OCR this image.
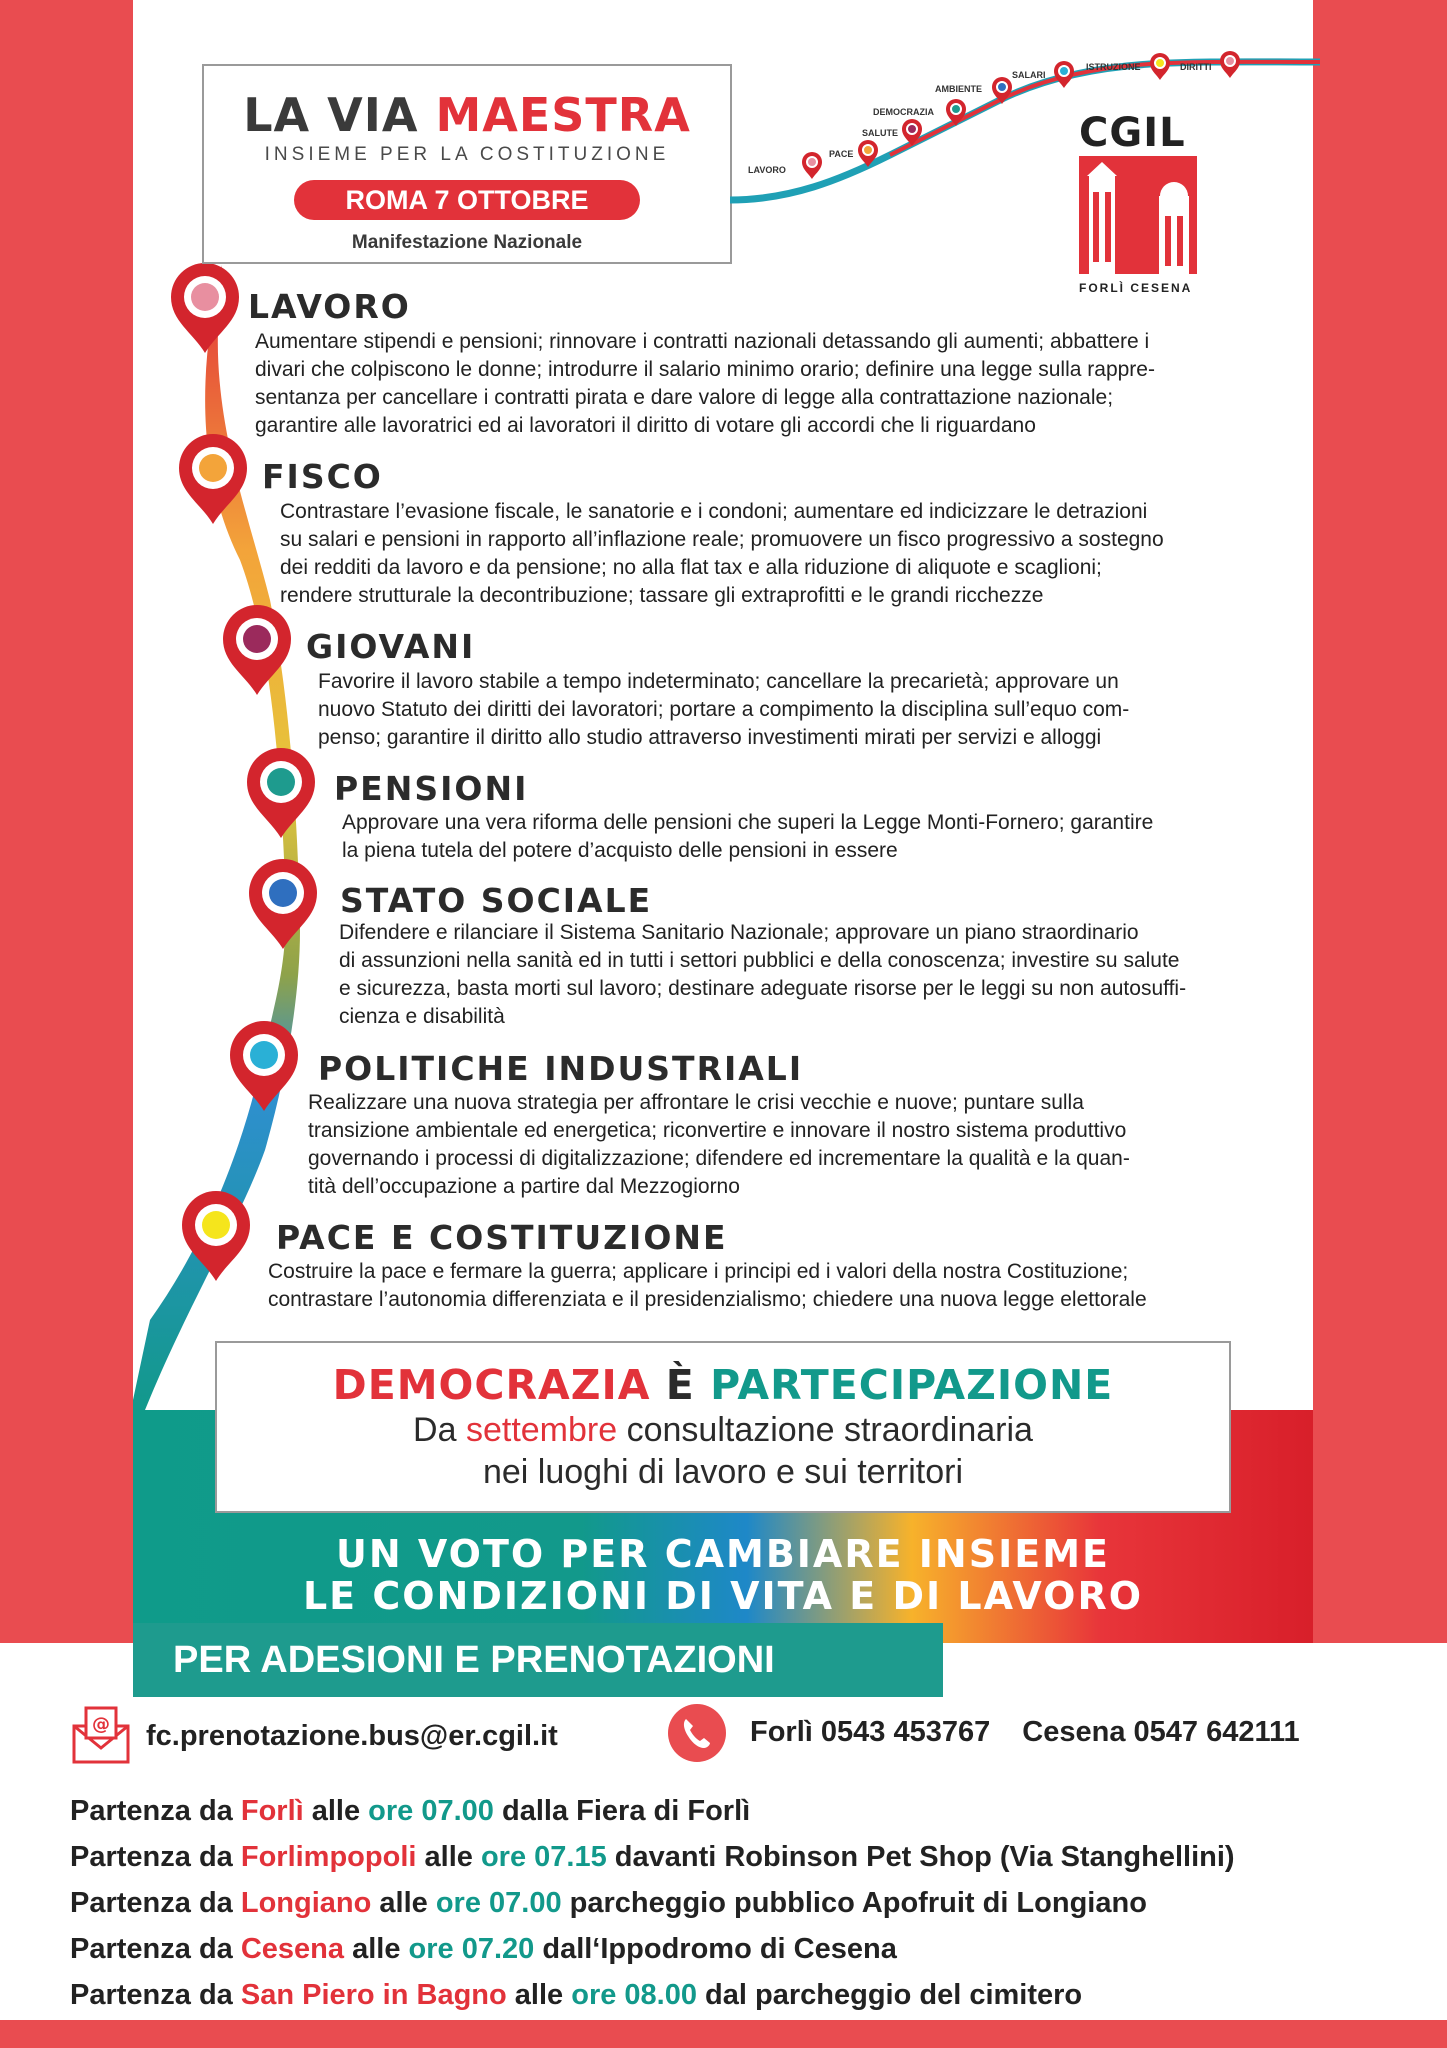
LA VIA MAESTRA
INSIEME PER LA COSTITUZIONE
ROMA 7 OTTOBRE
Manifestazione Nazionale
LAVORO
PACE
SALUTE
DEMOCRAZIA
AMBIENTE
SALARI
ISTRUZIONE	DIRITTI
CGIL
FORLÌ CESENA
LAVORO
Aumentare stipendi e pensioni; rinnovare i contratti nazionali detassando gli aumenti; abbattere i
divari che colpiscono le donne; introdurre il salario minimo orario; definire una legge sulla rappre-
sentanza per cancellare i contratti pirata e dare valore di legge alla contrattazione nazionale;
garantire alle lavoratrici ed ai lavoratori il diritto di votare gli accordi che li riguardano
FISCO
Contrastare l’evasione fiscale, le sanatorie e i condoni; aumentare ed indicizzare le detrazioni
su salari e pensioni in rapporto all’inflazione reale; promuovere un fisco progressivo a sostegno
dei redditi da lavoro e da pensione; no alla flat tax e alla riduzione di aliquote e scaglioni;
rendere strutturale la decontribuzione; tassare gli extraprofitti e le grandi ricchezze
GIOVANI
Favorire il lavoro stabile a tempo indeterminato; cancellare la precarietà; approvare un
nuovo Statuto dei diritti dei lavoratori; portare a compimento la disciplina sull’equo com-
penso; garantire il diritto allo studio attraverso investimenti mirati per servizi e alloggi
PENSIONI
Approvare una vera riforma delle pensioni che superi la Legge Monti-Fornero; garantire
la piena tutela del potere d’acquisto delle pensioni in essere
STATO SOCIALE
Difendere e rilanciare il Sistema Sanitario Nazionale; approvare un piano straordinario
di assunzioni nella sanità ed in tutti i settori pubblici e della conoscenza; investire su salute
e sicurezza, basta morti sul lavoro; destinare adeguate risorse per le leggi su non autosuffi-
cienza e disabilità
POLITICHE INDUSTRIALI
Realizzare una nuova strategia per affrontare le crisi vecchie e nuove; puntare sulla
transizione ambientale ed energetica; riconvertire e innovare il nostro sistema produttivo
governando i processi di digitalizzazione; difendere ed incrementare la qualità e la quan-
tità dell’occupazione a partire dal Mezzogiorno
PACE E COSTITUZIONE
Costruire la pace e fermare la guerra; applicare i principi ed i valori della nostra Costituzione;
contrastare l’autonomia differenziata e il presidenzialismo; chiedere una nuova legge elettorale
DEMOCRAZIA È PARTECIPAZIONE
Da settembre consultazione straordinaria
nei luoghi di lavoro e sui territori
UN VOTO PER CAMBIARE INSIEME
LE CONDIZIONI DI VITA E DI LAVORO
PER ADESIONI E PRENOTAZIONI
@ fc.prenotazione.bus@er.cgil.it	Forlì 0543 453767 Cesena 0547 642111
Partenza da Forlì alle ore 07.00 dalla Fiera di Forlì
Partenza da Forlimpopoli alle ore 07.15 davanti Robinson Pet Shop (Via Stanghellini)
Partenza da Longiano alle ore 07.00 parcheggio pubblico Apofruit di Longiano
Partenza da Cesena alle ore 07.20 dall‘Ippodromo di Cesena
Partenza da San Piero in Bagno alle ore 08.00 dal parcheggio del cimitero
